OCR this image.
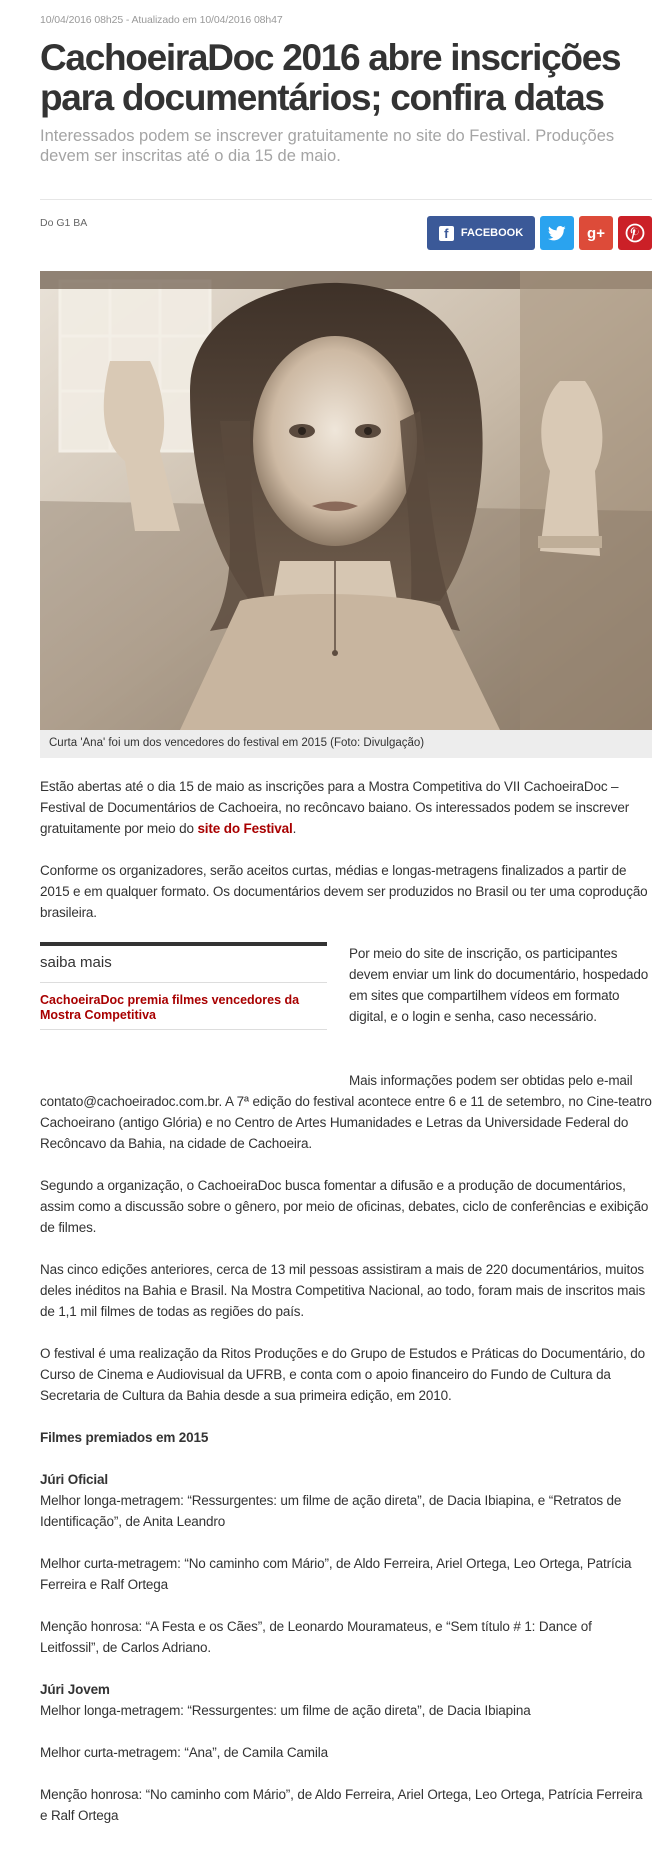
10/04/2016 08h25 - Atualizado em 10/04/2016 08h47
CachoeiraDoc 2016 abre inscrições para documentários; confira datas
Interessados podem se inscrever gratuitamente no site do Festival. Produções devem ser inscritas até o dia 15 de maio.
Do G1 BA
f	FACEBOOK	g+
Curta 'Ana' foi um dos vencedores do festival em 2015 (Foto: Divulgação)

Estão abertas até o dia 15 de maio as inscrições para a Mostra Competitiva do VII CachoeiraDoc – Festival de Documentários de Cachoeira, no recôncavo baiano. Os interessados podem se inscrever gratuitamente por meio do site do Festival.

Conforme os organizadores, serão aceitos curtas, médias e longas-metragens finalizados a partir de 2015 e em qualquer formato. Os documentários devem ser produzidos no Brasil ou ter uma coprodução brasileira.

saiba mais
CachoeiraDoc premia filmes vencedores da Mostra Competitiva

Por meio do site de inscrição, os participantes devem enviar um link do documentário, hospedado em sites que compartilhem vídeos em formato digital, e o login e senha, caso necessário.

Mais informações podem ser obtidas pelo e-mail

contato@cachoeiradoc.com.br. A 7ª edição do festival acontece entre 6 e 11 de setembro, no Cine-teatro Cachoeirano (antigo Glória) e no Centro de Artes Humanidades e Letras da Universidade Federal do Recôncavo da Bahia, na cidade de Cachoeira.

Segundo a organização, o CachoeiraDoc busca fomentar a difusão e a produção de documentários, assim como a discussão sobre o gênero, por meio de oficinas, debates, ciclo de conferências e exibição de filmes.

Nas cinco edições anteriores, cerca de 13 mil pessoas assistiram a mais de 220 documentários, muitos deles inéditos na Bahia e Brasil. Na Mostra Competitiva Nacional, ao todo, foram mais de inscritos mais de 1,1 mil filmes de todas as regiões do país.

O festival é uma realização da Ritos Produções e do Grupo de Estudos e Práticas do Documentário, do Curso de Cinema e Audiovisual da UFRB, e conta com o apoio financeiro do Fundo de Cultura da Secretaria de Cultura da Bahia desde a sua primeira edição, em 2010.

Filmes premiados em 2015

Júri Oficial

Melhor longa-metragem: “Ressurgentes: um filme de ação direta”, de Dacia Ibiapina, e “Retratos de Identificação”, de Anita Leandro

Melhor curta-metragem: “No caminho com Mário”, de Aldo Ferreira, Ariel Ortega, Leo Ortega, Patrícia Ferreira e Ralf Ortega

Menção honrosa: “A Festa e os Cães”, de Leonardo Mouramateus, e “Sem título # 1: Dance of Leitfossil”, de Carlos Adriano.

Júri Jovem

Melhor longa-metragem: “Ressurgentes: um filme de ação direta”, de Dacia Ibiapina

Melhor curta-metragem: “Ana”, de Camila Camila

Menção honrosa: “No caminho com Mário”, de Aldo Ferreira, Ariel Ortega, Leo Ortega, Patrícia Ferreira e Ralf Ortega
